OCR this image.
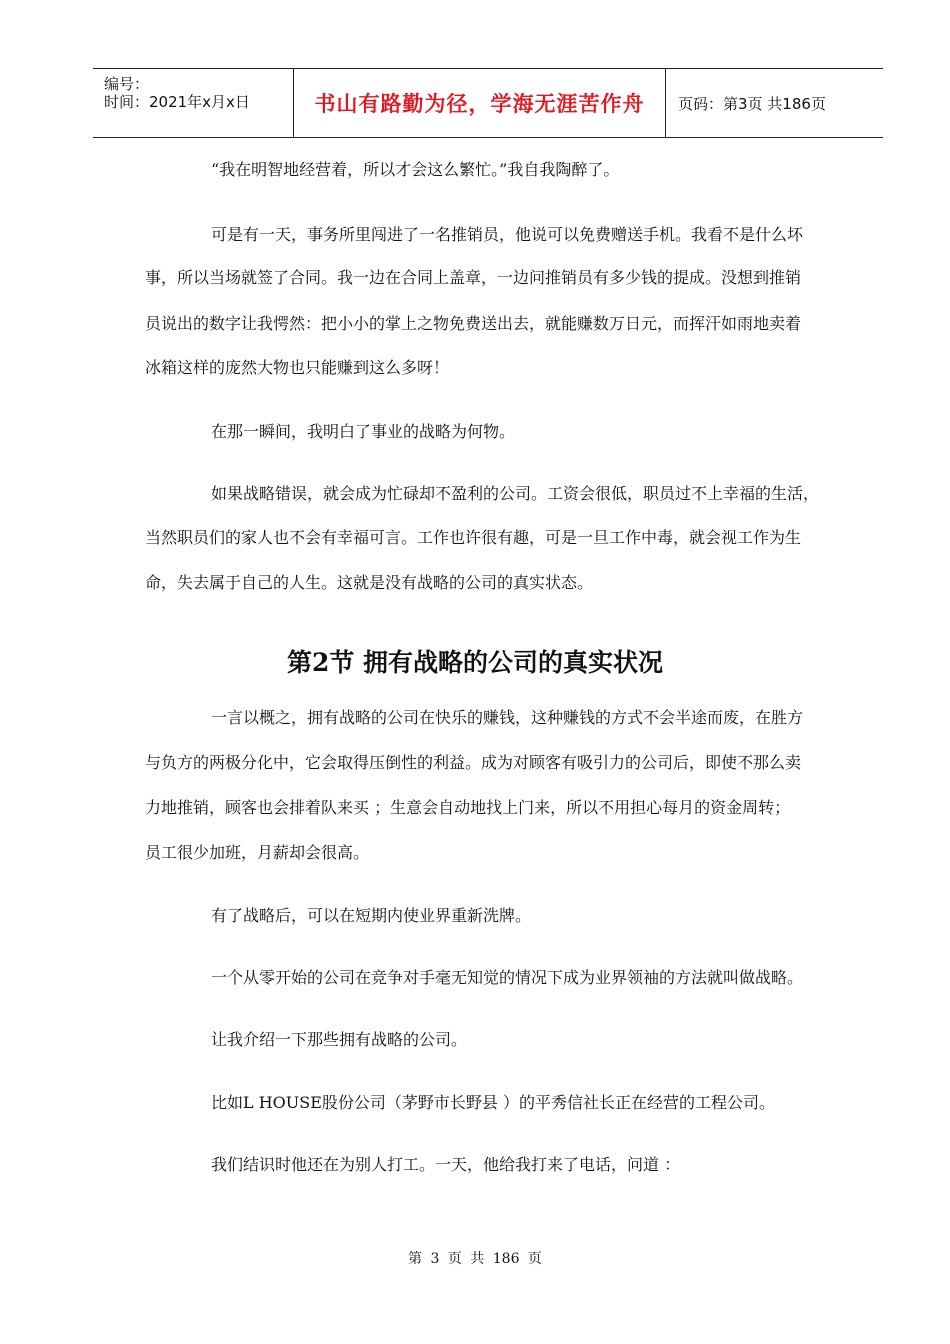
编号：
时间：2021年x月x日	书山有路勤为径，学海无涯苦作舟 页码：第3页 共186页
“我在明智地经营着，所以才会这么繁忙。”我自我陶醉了。
可是有一天，事务所里闯进了一名推销员，他说可以免费赠送手机。我看不是什么坏
事，所以当场就签了合同。我一边在合同上盖章，一边问推销员有多少钱的提成。没想到推销
员说出的数字让我愕然：把小小的掌上之物免费送出去，就能赚数万日元，而挥汗如雨地卖着
冰箱这样的庞然大物也只能赚到这么多呀！
在那一瞬间，我明白了事业的战略为何物。
如果战略错误，就会成为忙碌却不盈利的公司。工资会很低，职员过不上幸福的生活，
当然职员们的家人也不会有幸福可言。工作也许很有趣，可是一旦工作中毒，就会视工作为生
命，失去属于自己的人生。这就是没有战略的公司的真实状态。
第2节 拥有战略的公司的真实状况
一言以概之，拥有战略的公司在快乐的赚钱，这种赚钱的方式不会半途而废，在胜方
与负方的两极分化中，它会取得压倒性的利益。成为对顾客有吸引力的公司后，即使不那么卖
力地推销，顾客也会排着队来买 ；生意会自动地找上门来，所以不用担心每月的资金周转；
员工很少加班，月薪却会很高。
有了战略后，可以在短期内使业界重新洗牌。
一个从零开始的公司在竞争对手毫无知觉的情况下成为业界领袖的方法就叫做战略。
让我介绍一下那些拥有战略的公司。
比如L HOUSE股份公司（茅野市长野县 ）的平秀信社长正在经营的工程公司。
我们结识时他还在为别人打工。一天，他给我打来了电话，问道 ：
第 3 页 共 186 页
